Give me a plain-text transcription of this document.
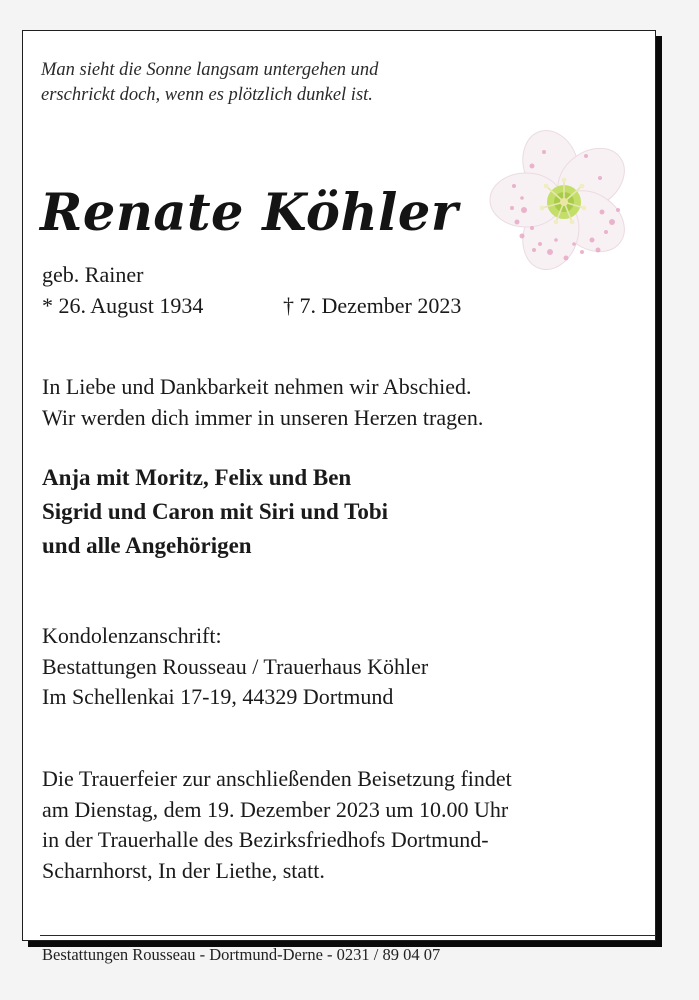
Man sieht die Sonne langsam untergehen und
erschrickt doch, wenn es plötzlich dunkel ist.
Renate Köhler
geb. Rainer
* 26. August 1934	† 7. Dezember 2023
In Liebe und Dankbarkeit nehmen wir Abschied.
Wir werden dich immer in unseren Herzen tragen.
Anja mit Moritz, Felix und Ben
Sigrid und Caron mit Siri und Tobi
und alle Angehörigen
Kondolenzanschrift:
Bestattungen Rousseau / Trauerhaus Köhler
Im Schellenkai 17-19, 44329 Dortmund
Die Trauerfeier zur anschließenden Beisetzung findet
am Dienstag, dem 19. Dezember 2023 um 10.00 Uhr
in der Trauerhalle des Bezirksfriedhofs Dortmund-
Scharnhorst, In der Liethe, statt.
Bestattungen Rousseau - Dortmund-Derne - 0231 / 89 04 07
